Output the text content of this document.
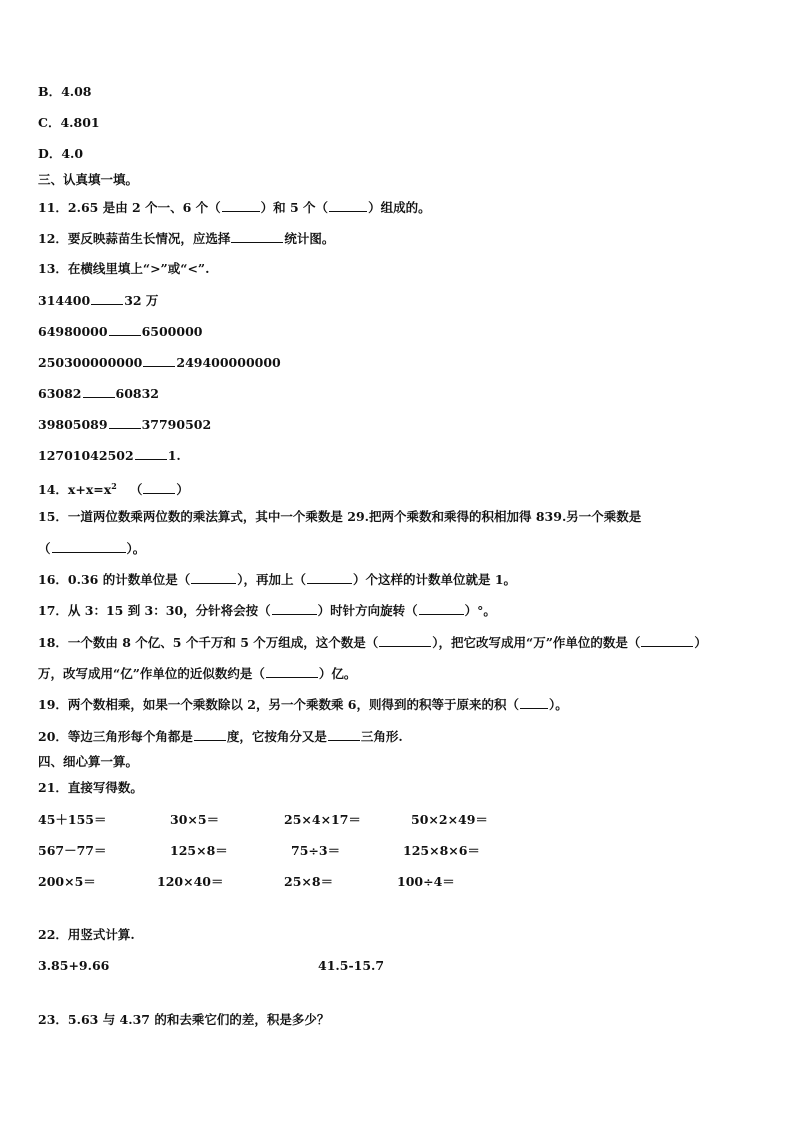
B．4.08
C．4.801
D．4.0
三、认真填一填。
11．2.65 是由 2 个一、6 个（	）和 5 个（	）组成的。
12．要反映蒜苗生长情况，应选择	统计图。
13．在横线里填上“>”或“<”.
314400	32 万
64980000	6500000
250300000000	249400000000
63082	60832
39805089	37790502
12701042502	1.
14．$x+x=x^2$ （	）
15．一道两位数乘两位数的乘法算式，其中一个乘数是 29.把两个乘数和乘得的积相加得 839.另一个乘数是
（	）。
16．0.36 的计数单位是（	），再加上（	）个这样的计数单位就是 1。
17．从 3：15 到 3：30，分针将会按（	）时针方向旋转（	）°。
18．一个数由 8 个亿、5 个千万和 5 个万组成，这个数是（	），把它改写成用“万”作单位的数是（	）
万，改写成用“亿”作单位的近似数约是（	）亿。
19．两个数相乘，如果一个乘数除以 2，另一个乘数乘 6，则得到的积等于原来的积（ ）。
20．等边三角形每个角都是	度，它按角分又是	三角形.
四、细心算一算。
21．直接写得数。
45＋155＝	30×5＝	25×4×17＝	50×2×49＝
567－77＝	125×8＝	75÷3＝	125×8×6＝
200×5＝	120×40＝	25×8＝	100÷4＝
22．用竖式计算.
3.85+9.66	41.5-15.7
23．5.63 与 4.37 的和去乘它们的差，积是多少？
